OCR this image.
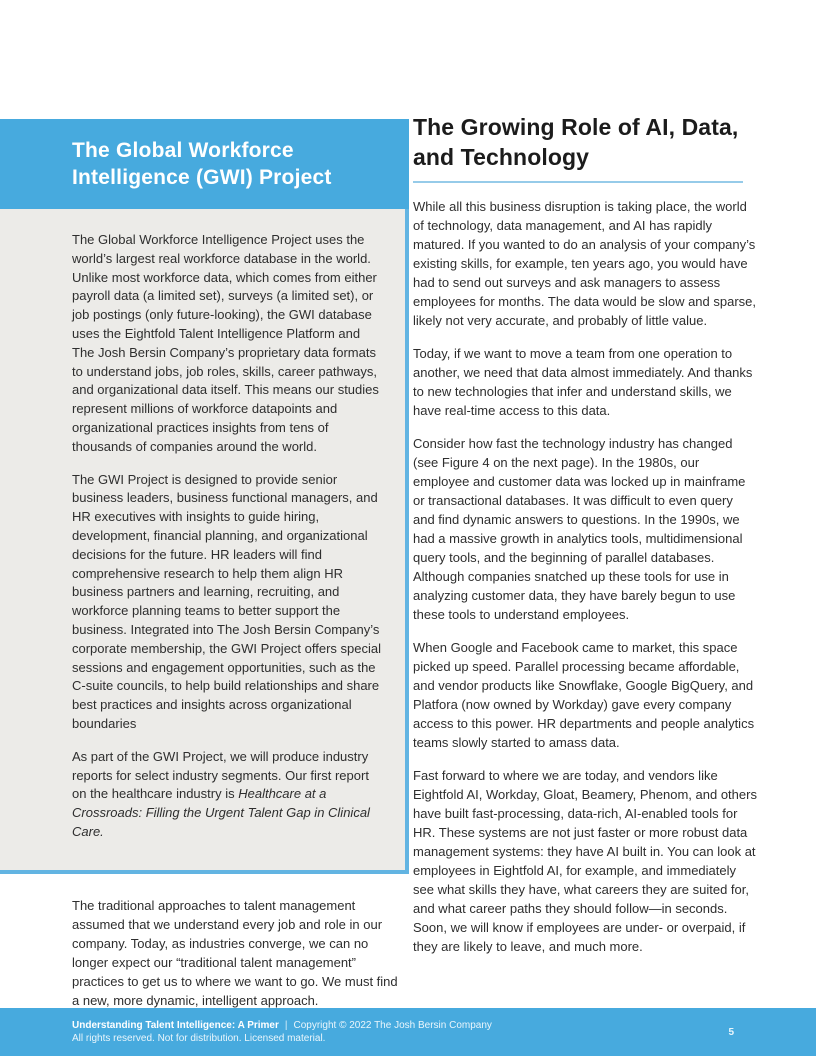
The Global Workforce
Intelligence (GWI) Project

The Global Workforce Intelligence Project uses the world’s largest real workforce database in the world. Unlike most workforce data, which comes from either payroll data (a limited set), surveys (a limited set), or job postings (only future-looking), the GWI database uses the Eightfold Talent Intelligence Platform and The Josh Bersin Company’s proprietary data formats to understand jobs, job roles, skills, career pathways, and organizational data itself. This means our studies represent millions of workforce datapoints and organizational practices insights from tens of thousands of companies around the world.

The GWI Project is designed to provide senior business leaders, business functional managers, and HR executives with insights to guide hiring, development, financial planning, and organizational decisions for the future. HR leaders will find comprehensive research to help them align HR business partners and learning, recruiting, and workforce planning teams to better support the business. Integrated into The Josh Bersin Company’s corporate membership, the GWI Project offers special sessions and engagement opportunities, such as the C-suite councils, to help build relationships and share best practices and insights across organizational boundaries

As part of the GWI Project, we will produce industry reports for select industry segments. Our first report on the healthcare industry is Healthcare at a Crossroads: Filling the Urgent Talent Gap in Clinical Care.

The traditional approaches to talent management assumed that we understand every job and role in our company. Today, as industries converge, we can no longer expect our “traditional talent management” practices to get us to where we want to go. We must find a new, more dynamic, intelligent approach.

The Growing Role of AI, Data,
and Technology

While all this business disruption is taking place, the world of technology, data management, and AI has rapidly matured. If you wanted to do an analysis of your company’s existing skills, for example, ten years ago, you would have had to send out surveys and ask managers to assess employees for months. The data would be slow and sparse, likely not very accurate, and probably of little value.

Today, if we want to move a team from one operation to another, we need that data almost immediately. And thanks to new technologies that infer and understand skills, we have real-time access to this data.

Consider how fast the technology industry has changed (see Figure 4 on the next page). In the 1980s, our employee and customer data was locked up in mainframe or transactional databases. It was difficult to even query and find dynamic answers to questions. In the 1990s, we had a massive growth in analytics tools, multidimensional query tools, and the beginning of parallel databases. Although companies snatched up these tools for use in analyzing customer data, they have barely begun to use these tools to understand employees.

When Google and Facebook came to market, this space picked up speed. Parallel processing became affordable, and vendor products like Snowflake, Google BigQuery, and Platfora (now owned by Workday) gave every company access to this power. HR departments and people analytics teams slowly started to amass data.

Fast forward to where we are today, and vendors like Eightfold AI, Workday, Gloat, Beamery, Phenom, and others have built fast-processing, data-rich, AI-enabled tools for HR. These systems are not just faster or more robust data management systems: they have AI built in. You can look at employees in Eightfold AI, for example, and immediately see what skills they have, what careers they are suited for, and what career paths they should follow—in seconds. Soon, we will know if employees are under- or overpaid, if they are likely to leave, and much more.

Understanding Talent Intelligence: A Primer | Copyright © 2022 The Josh Bersin Company
All rights reserved. Not for distribution. Licensed material.
5
